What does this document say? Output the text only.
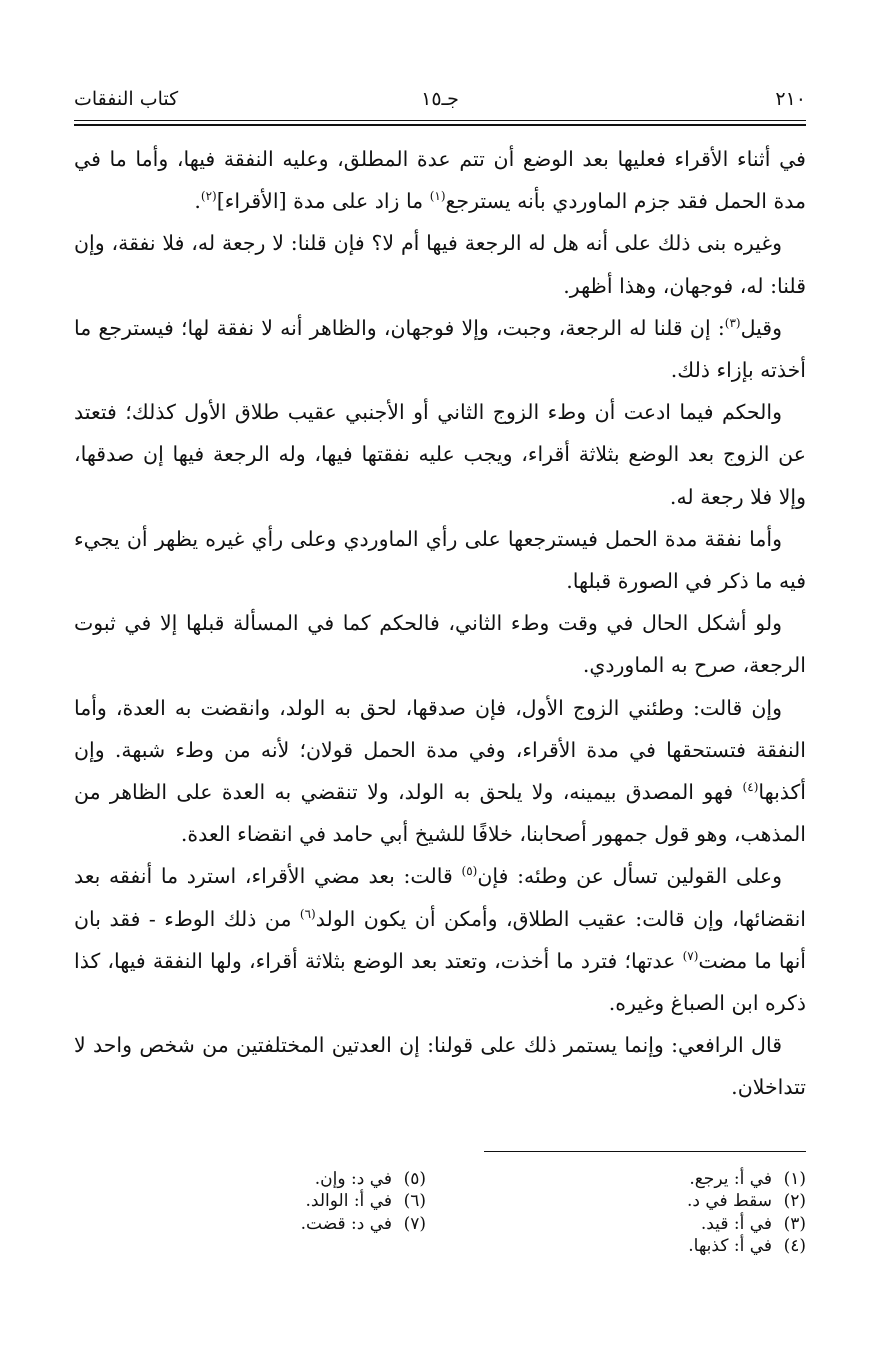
٢١٠
جـ١٥
كتاب النفقات

في أثناء الأقراء فعليها بعد الوضع أن تتم عدة المطلق، وعليه النفقة فيها، وأما ما في مدة الحمل فقد جزم الماوردي بأنه يسترجع$^{(١)}$ ما زاد على مدة [الأقراء]$^{(٢)}$.

وغيره بنى ذلك على أنه هل له الرجعة فيها أم لا؟ فإن قلنا: لا رجعة له، فلا نفقة، وإن قلنا: له، فوجهان، وهذا أظهر.

وقيل$^{(٣)}$: إن قلنا له الرجعة، وجبت، وإلا فوجهان، والظاهر أنه لا نفقة لها؛ فيسترجع ما أخذته بإزاء ذلك.

والحكم فيما ادعت أن وطء الزوج الثاني أو الأجنبي عقيب طلاق الأول كذلك؛ فتعتد عن الزوج بعد الوضع بثلاثة أقراء، ويجب عليه نفقتها فيها، وله الرجعة فيها إن صدقها، وإلا فلا رجعة له.

وأما نفقة مدة الحمل فيسترجعها على رأي الماوردي وعلى رأي غيره يظهر أن يجيء فيه ما ذكر في الصورة قبلها.

ولو أشكل الحال في وقت وطء الثاني، فالحكم كما في المسألة قبلها إلا في ثبوت الرجعة، صرح به الماوردي.

وإن قالت: وطئني الزوج الأول، فإن صدقها، لحق به الولد، وانقضت به العدة، وأما النفقة فتستحقها في مدة الأقراء، وفي مدة الحمل قولان؛ لأنه من وطء شبهة. وإن أكذبها$^{(٤)}$ فهو المصدق بيمينه، ولا يلحق به الولد، ولا تنقضي به العدة على الظاهر من المذهب، وهو قول جمهور أصحابنا، خلافًا للشيخ أبي حامد في انقضاء العدة.

وعلى القولين تسأل عن وطئه: فإن$^{(٥)}$ قالت: بعد مضي الأقراء، استرد ما أنفقه بعد انقضائها، وإن قالت: عقيب الطلاق، وأمكن أن يكون الولد$^{(٦)}$ من ذلك الوطء - فقد بان أنها ما مضت$^{(٧)}$ عدتها؛ فترد ما أخذت، وتعتد بعد الوضع بثلاثة أقراء، ولها النفقة فيها، كذا ذكره ابن الصباغ وغيره.

قال الرافعي: وإنما يستمر ذلك على قولنا: إن العدتين المختلفتين من شخص واحد لا تتداخلان.

(١)في أ: يرجع.
(٢)سقط في د.
(٣)في أ: قيد.
(٤)في أ: كذبها.
(٥)في د: وإن.
(٦)في أ: الوالد.
(٧)في د: قضت.
